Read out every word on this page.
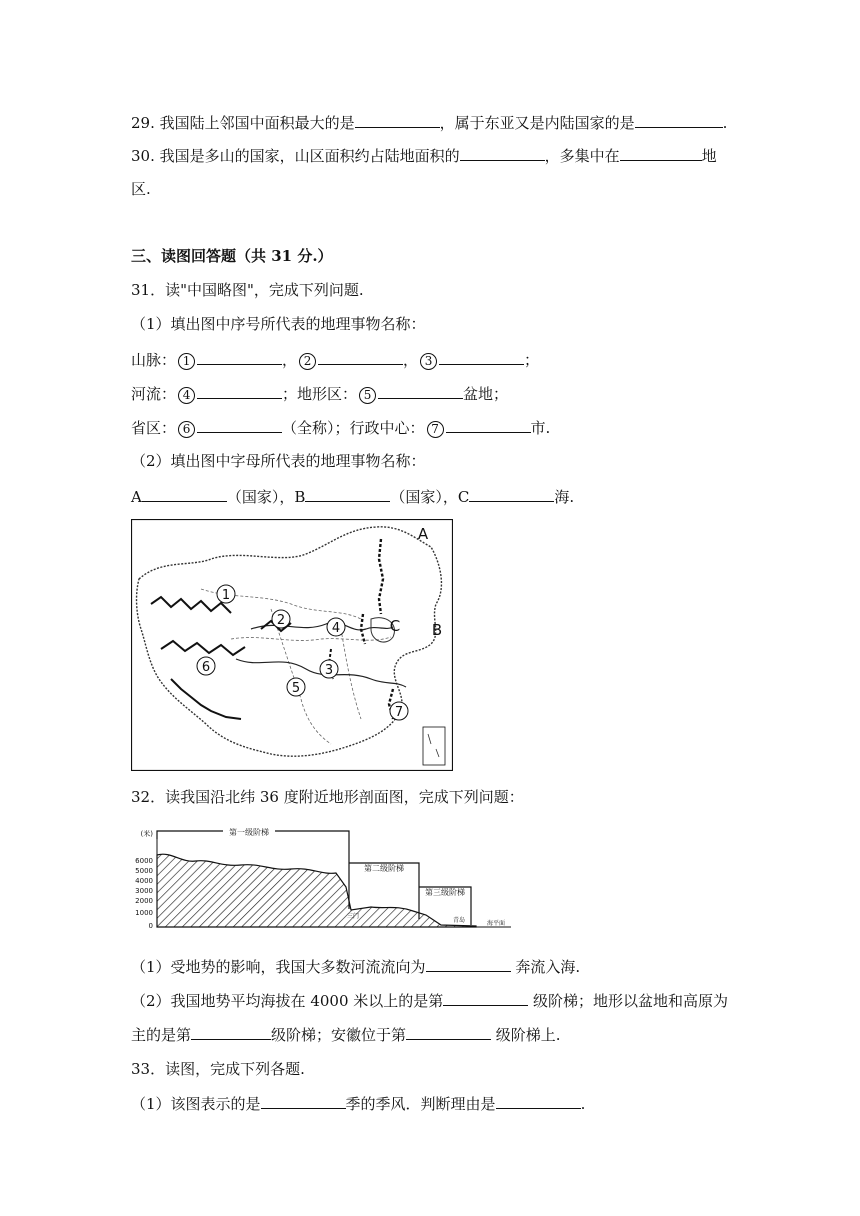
29. 我国陆上邻国中面积最大的是	，属于东亚又是内陆国家的是	.
30. 我国是多山的国家，山区面积约占陆地面积的	，多集中在	地
区.
三、读图回答题（共 31 分.）
31．读"中国略图"，完成下列问题.
（1）填出图中序号所代表的地理事物名称：
山脉： 1	， 2	， 3	；
河流： 4	；地形区： 5	盆地；
省区： 6	（全称）；行政中心： 7	市.
（2）填出图中字母所代表的地理事物名称：
A	（国家），B	（国家），C	海.
1
2
3
4
5
6
7
A
B
C
32．读我国沿北纬 36 度附近地形剖面图，完成下列问题：
(米)
6000
5000
4000
3000
2000
1000
0
第一级阶梯
第二级阶梯
第三级阶梯
三门
青岛	海平面
（1）受地势的影响，我国大多数河流流向为	奔流入海.
（2）我国地势平均海拔在 4000 米以上的是第	级阶梯；地形以盆地和高原为
主的是第	级阶梯；安徽位于第	级阶梯上.
33．读图，完成下列各题.
（1）该图表示的是	季的季风．判断理由是	.
